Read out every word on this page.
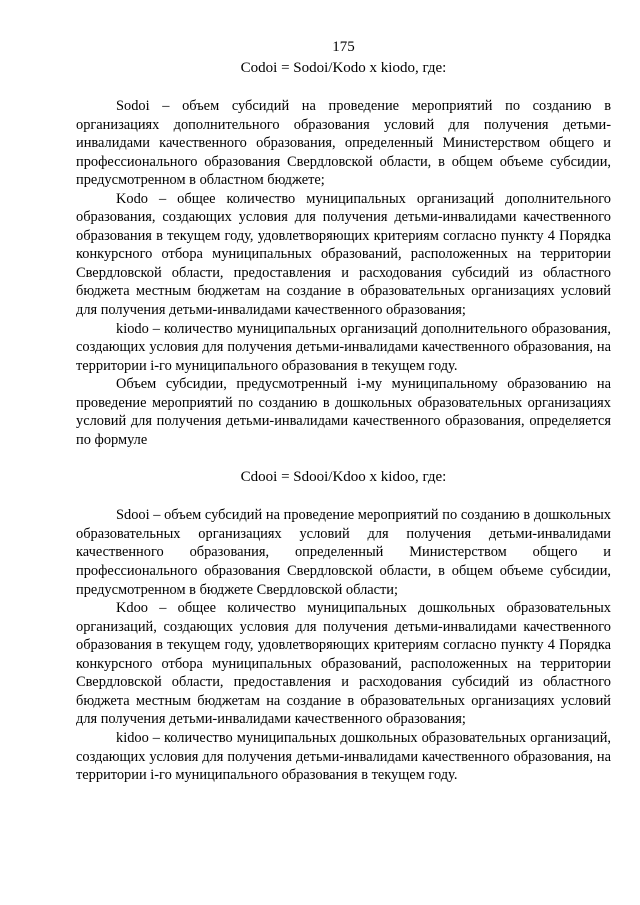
175
Codoi = Sodoi/Kodo x kiodo, где:

Sodoi – объем субсидий на проведение мероприятий по созданию в организациях дополнительного образования условий для получения детьми-инвалидами качественного образования, определенный Министерством общего и профессионального образования Свердловской области, в общем объеме субсидии, предусмотренном в областном бюджете;

Kodo – общее количество муниципальных организаций дополнительного образования, создающих условия для получения детьми-инвалидами качественного образования в текущем году, удовлетворяющих критериям согласно пункту 4 Порядка конкурсного отбора муниципальных образований, расположенных на территории Свердловской области, предоставления и расходования субсидий из областного бюджета местным бюджетам на создание в образовательных организациях условий для получения детьми-инвалидами качественного образования;

kiodo – количество муниципальных организаций дополнительного образования, создающих условия для получения детьми-инвалидами качественного образования, на территории i-го муниципального образования в текущем году.

Объем субсидии, предусмотренный i-му муниципальному образованию на проведение мероприятий по созданию в дошкольных образовательных организациях условий для получения детьми-инвалидами качественного образования, определяется по формуле

Cdooi = Sdooi/Kdoo x kidoo, где:

Sdooi – объем субсидий на проведение мероприятий по созданию в дошкольных образовательных организациях условий для получения детьми-инвалидами качественного образования, определенный Министерством общего и профессионального образования Свердловской области, в общем объеме субсидии, предусмотренном в бюджете Свердловской области;

Kdoo – общее количество муниципальных дошкольных образовательных организаций, создающих условия для получения детьми-инвалидами качественного образования в текущем году, удовлетворяющих критериям согласно пункту 4 Порядка конкурсного отбора муниципальных образований, расположенных на территории Свердловской области, предоставления и расходования субсидий из областного бюджета местным бюджетам на создание в образовательных организациях условий для получения детьми-инвалидами качественного образования;

kidoo – количество муниципальных дошкольных образовательных организаций, создающих условия для получения детьми-инвалидами качественного образования, на территории i-го муниципального образования в текущем году.
